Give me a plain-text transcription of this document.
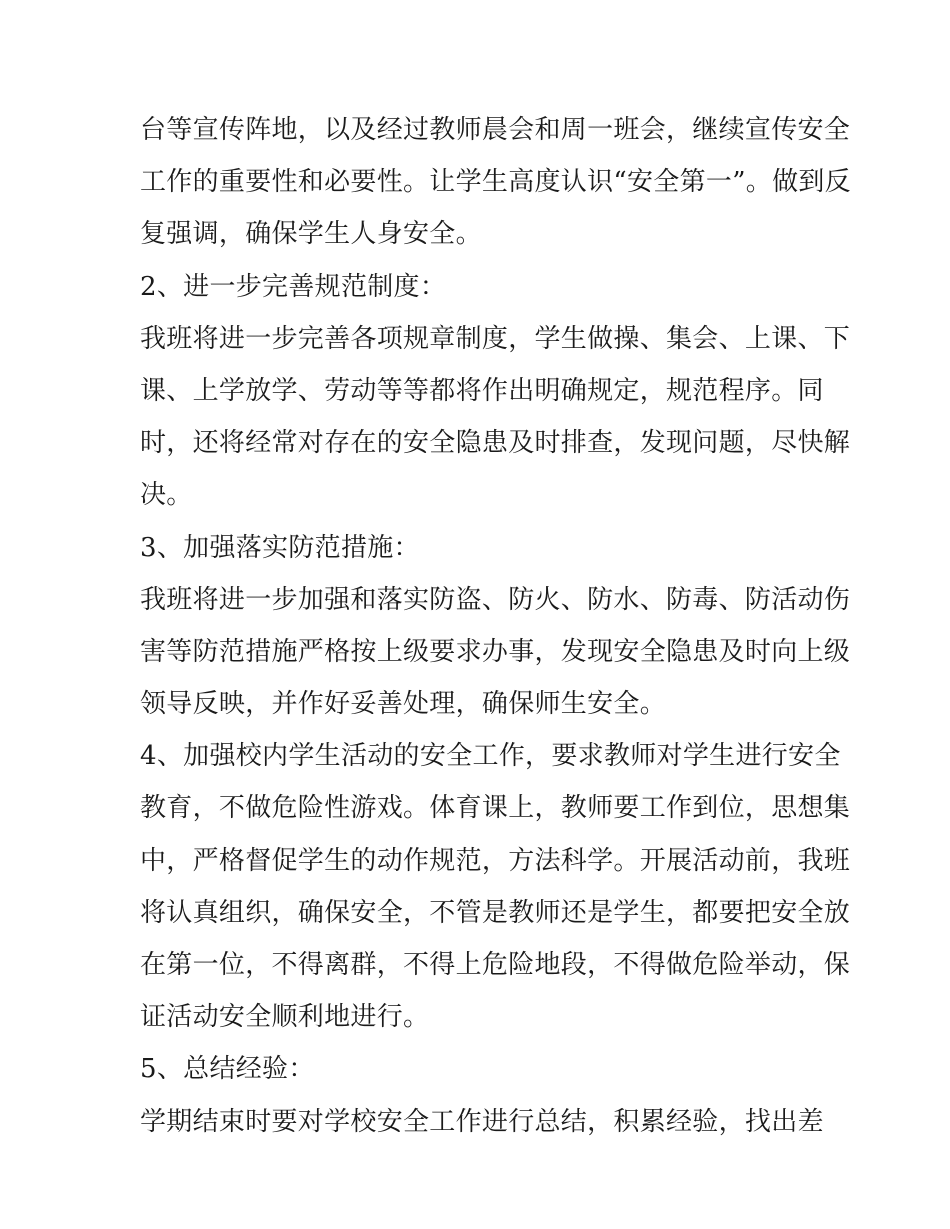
台等宣传阵地，以及经过教师晨会和周一班会，继续宣传安全
工作的重要性和必要性。让学生高度认识“安全第一”。做到反
复强调，确保学生人身安全。
2、进一步完善规范制度：
我班将进一步完善各项规章制度，学生做操、集会、上课、下
课、上学放学、劳动等等都将作出明确规定，规范程序。同
时，还将经常对存在的安全隐患及时排查，发现问题，尽快解
决。
3、加强落实防范措施：
我班将进一步加强和落实防盗、防火、防水、防毒、防活动伤
害等防范措施严格按上级要求办事，发现安全隐患及时向上级
领导反映，并作好妥善处理，确保师生安全。
4、加强校内学生活动的安全工作，要求教师对学生进行安全
教育，不做危险性游戏。体育课上，教师要工作到位，思想集
中，严格督促学生的动作规范，方法科学。开展活动前，我班
将认真组织，确保安全，不管是教师还是学生，都要把安全放
在第一位，不得离群，不得上危险地段，不得做危险举动，保
证活动安全顺利地进行。
5、总结经验：
学期结束时要对学校安全工作进行总结，积累经验，找出差
